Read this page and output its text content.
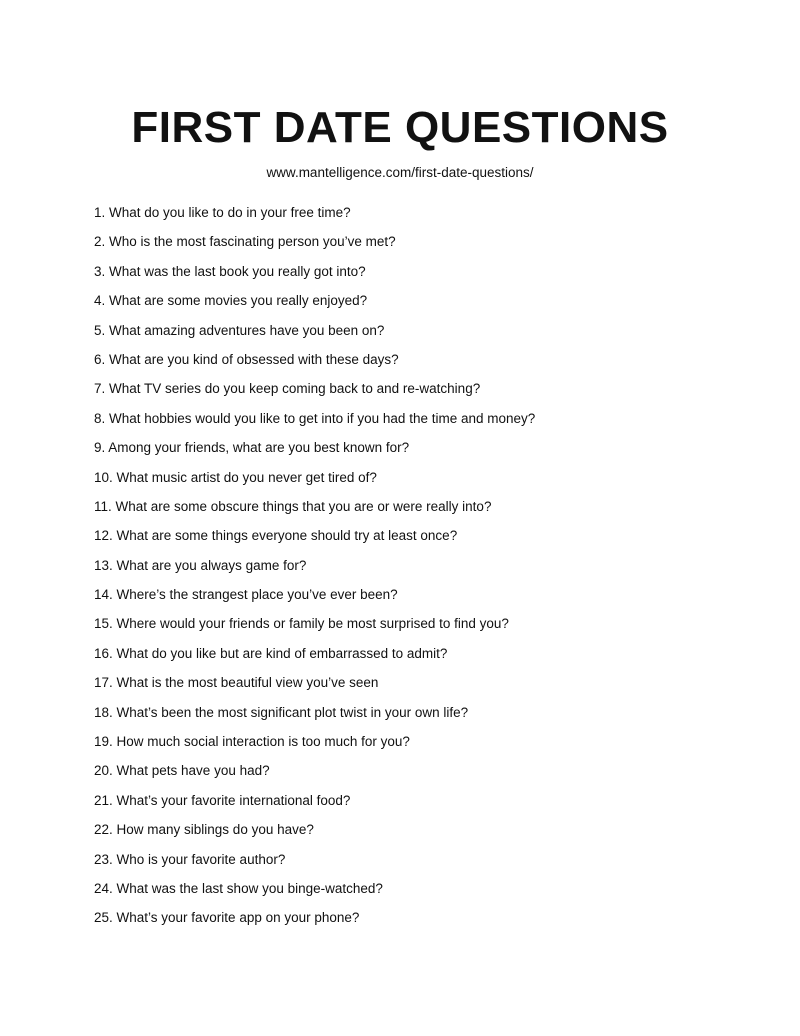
FIRST DATE QUESTIONS
www.mantelligence.com/first-date-questions/
1. What do you like to do in your free time?
2. Who is the most fascinating person you’ve met?
3. What was the last book you really got into?
4. What are some movies you really enjoyed?
5. What amazing adventures have you been on?
6. What are you kind of obsessed with these days?
7. What TV series do you keep coming back to and re-watching?
8. What hobbies would you like to get into if you had the time and money?
9. Among your friends, what are you best known for?
10. What music artist do you never get tired of?
11. What are some obscure things that you are or were really into?
12. What are some things everyone should try at least once?
13. What are you always game for?
14. Where’s the strangest place you’ve ever been?
15. Where would your friends or family be most surprised to find you?
16. What do you like but are kind of embarrassed to admit?
17. What is the most beautiful view you’ve seen
18. What’s been the most significant plot twist in your own life?
19. How much social interaction is too much for you?
20. What pets have you had?
21. What’s your favorite international food?
22. How many siblings do you have?
23. Who is your favorite author?
24. What was the last show you binge-watched?
25. What’s your favorite app on your phone?
